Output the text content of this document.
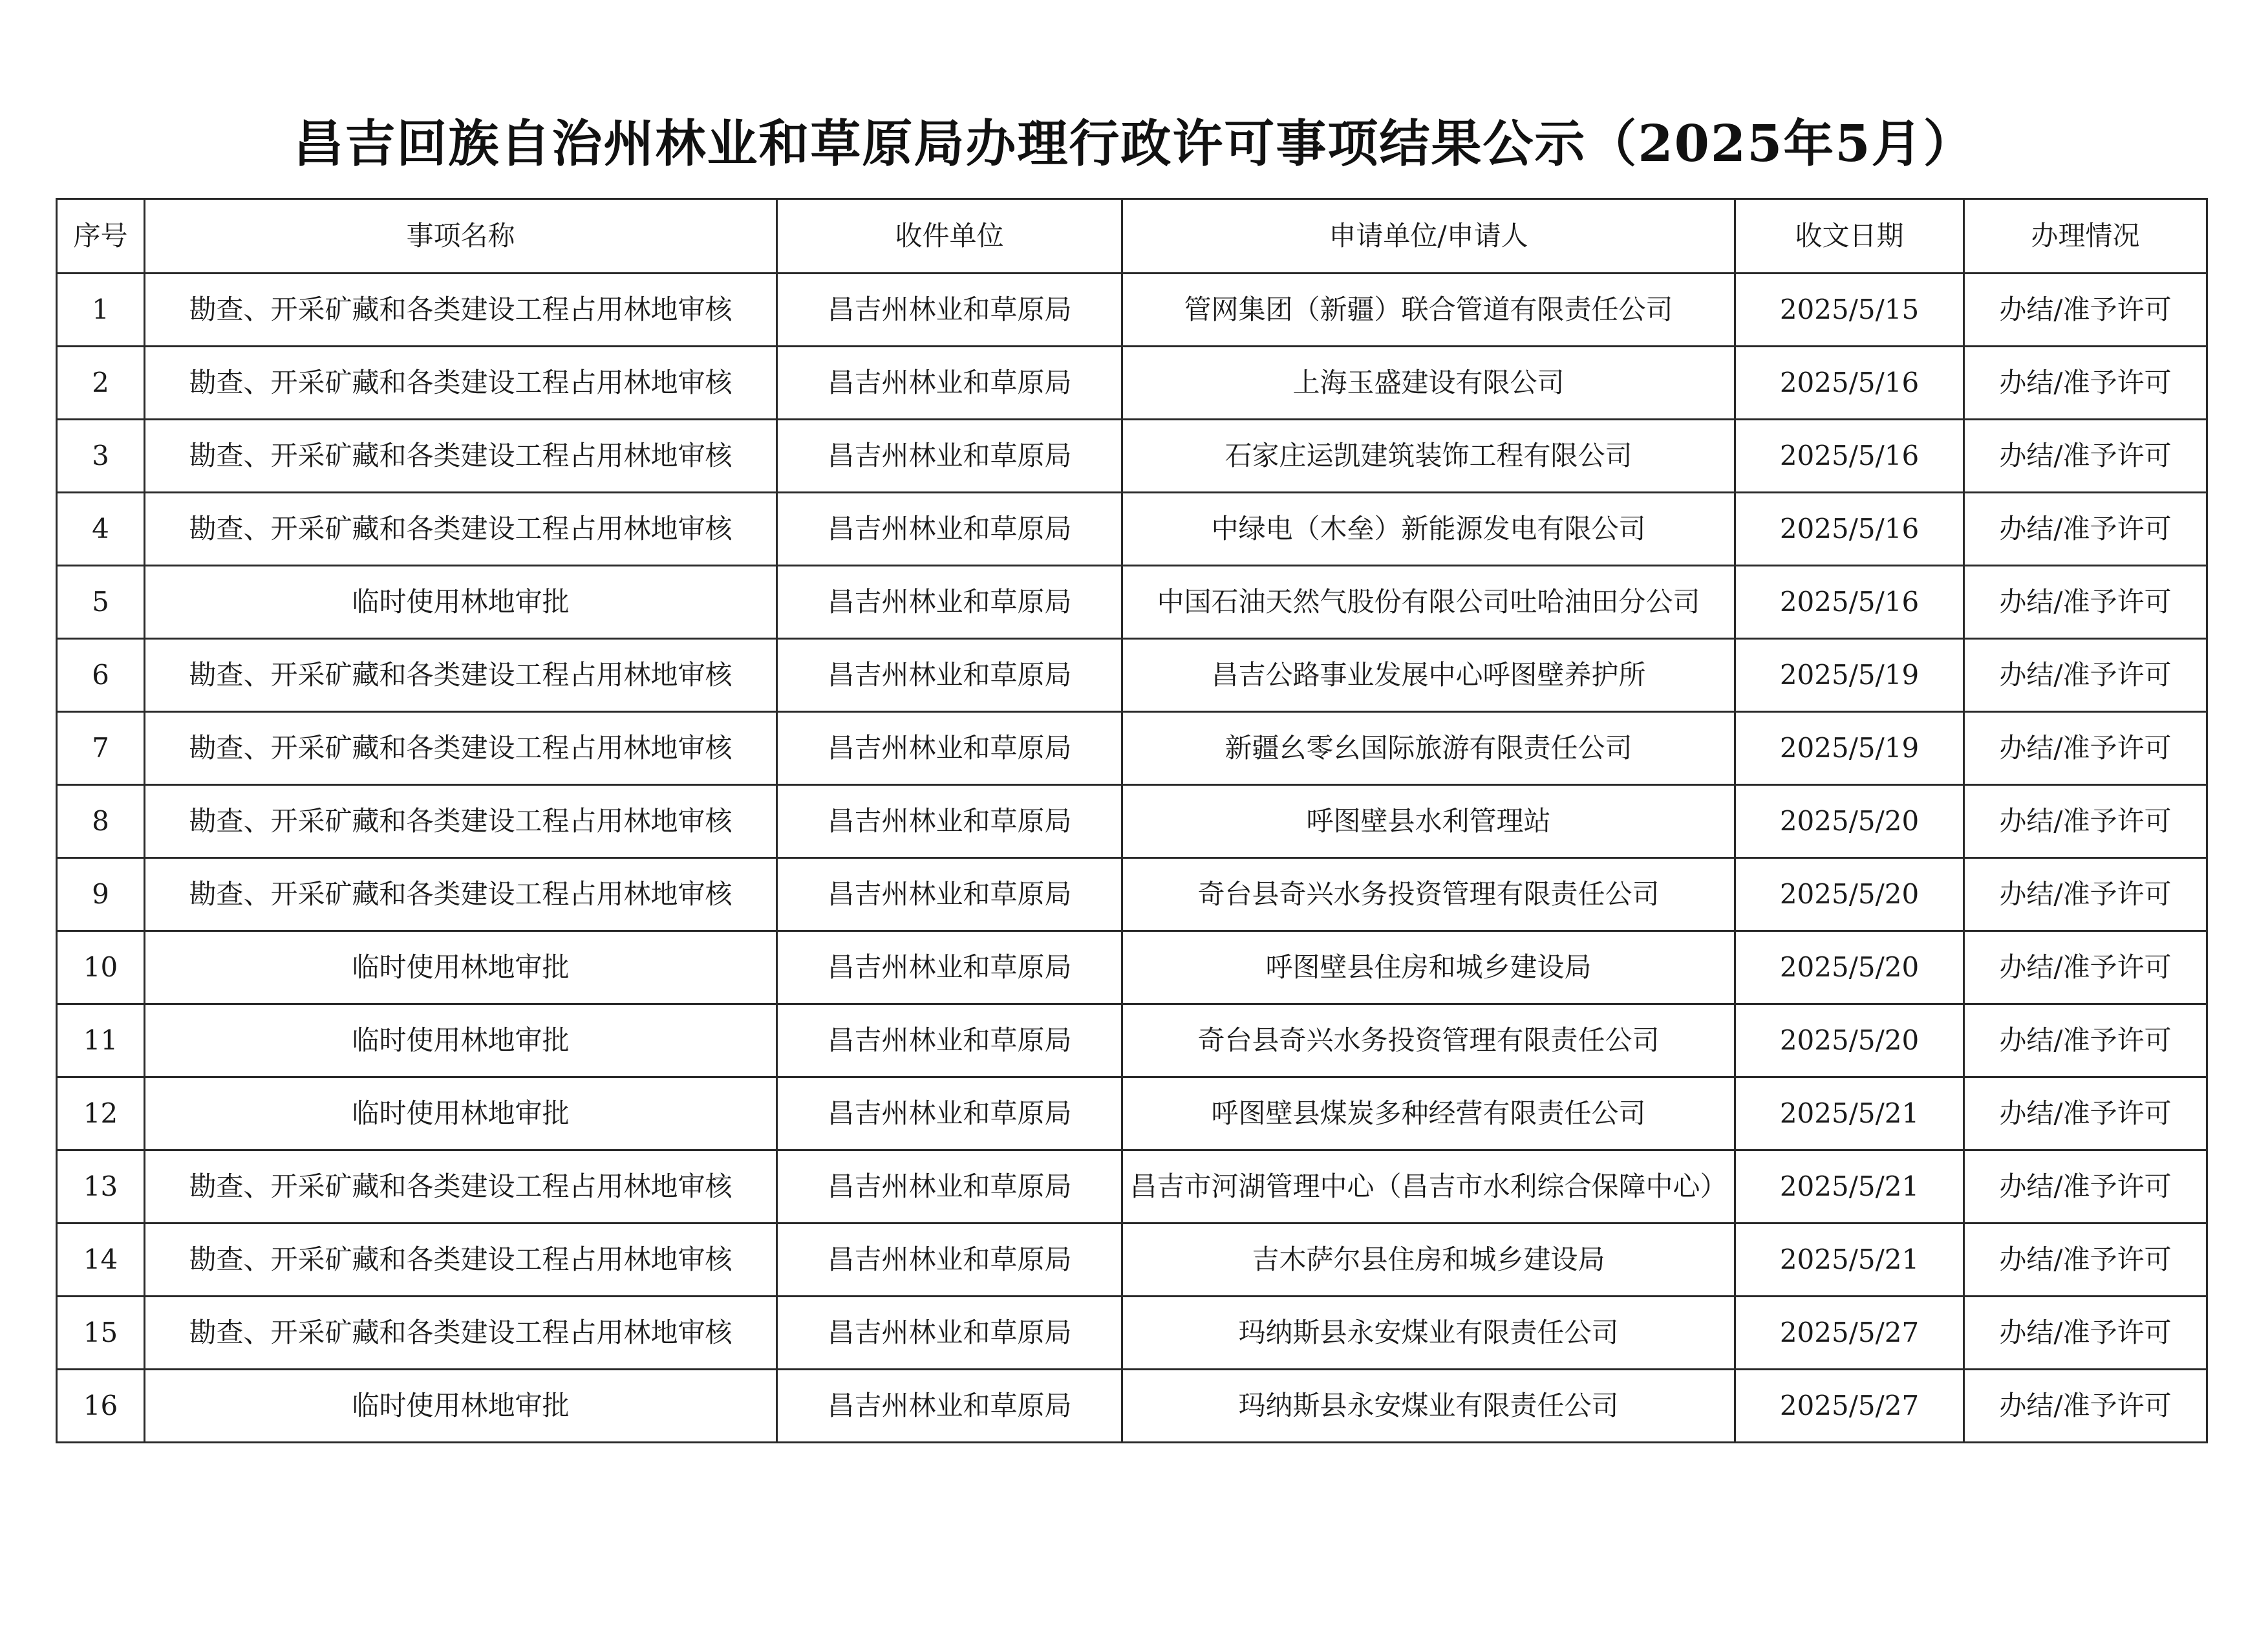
昌吉回族自治州林业和草原局办理行政许可事项结果公示（2025年5月）
序号	事项名称	收件单位	申请单位/申请人	收文日期	办理情况
1	勘查、开采矿藏和各类建设工程占用林地审核	昌吉州林业和草原局	管网集团（新疆）联合管道有限责任公司	2025/5/15	办结/准予许可
2	勘查、开采矿藏和各类建设工程占用林地审核	昌吉州林业和草原局	上海玉盛建设有限公司	2025/5/16	办结/准予许可
3	勘查、开采矿藏和各类建设工程占用林地审核	昌吉州林业和草原局	石家庄运凯建筑装饰工程有限公司	2025/5/16	办结/准予许可
4	勘查、开采矿藏和各类建设工程占用林地审核	昌吉州林业和草原局	中绿电（木垒）新能源发电有限公司	2025/5/16	办结/准予许可
5	临时使用林地审批	昌吉州林业和草原局	中国石油天然气股份有限公司吐哈油田分公司	2025/5/16	办结/准予许可
6	勘查、开采矿藏和各类建设工程占用林地审核	昌吉州林业和草原局	昌吉公路事业发展中心呼图壁养护所	2025/5/19	办结/准予许可
7	勘查、开采矿藏和各类建设工程占用林地审核	昌吉州林业和草原局	新疆幺零幺国际旅游有限责任公司	2025/5/19	办结/准予许可
8	勘查、开采矿藏和各类建设工程占用林地审核	昌吉州林业和草原局	呼图壁县水利管理站	2025/5/20	办结/准予许可
9	勘查、开采矿藏和各类建设工程占用林地审核	昌吉州林业和草原局	奇台县奇兴水务投资管理有限责任公司	2025/5/20	办结/准予许可
10	临时使用林地审批	昌吉州林业和草原局	呼图壁县住房和城乡建设局	2025/5/20	办结/准予许可
11	临时使用林地审批	昌吉州林业和草原局	奇台县奇兴水务投资管理有限责任公司	2025/5/20	办结/准予许可
12	临时使用林地审批	昌吉州林业和草原局	呼图壁县煤炭多种经营有限责任公司	2025/5/21	办结/准予许可
13	勘查、开采矿藏和各类建设工程占用林地审核	昌吉州林业和草原局	昌吉市河湖管理中心（昌吉市水利综合保障中心）	2025/5/21	办结/准予许可
14	勘查、开采矿藏和各类建设工程占用林地审核	昌吉州林业和草原局	吉木萨尔县住房和城乡建设局	2025/5/21	办结/准予许可
15	勘查、开采矿藏和各类建设工程占用林地审核	昌吉州林业和草原局	玛纳斯县永安煤业有限责任公司	2025/5/27	办结/准予许可
16	临时使用林地审批	昌吉州林业和草原局	玛纳斯县永安煤业有限责任公司	2025/5/27	办结/准予许可
